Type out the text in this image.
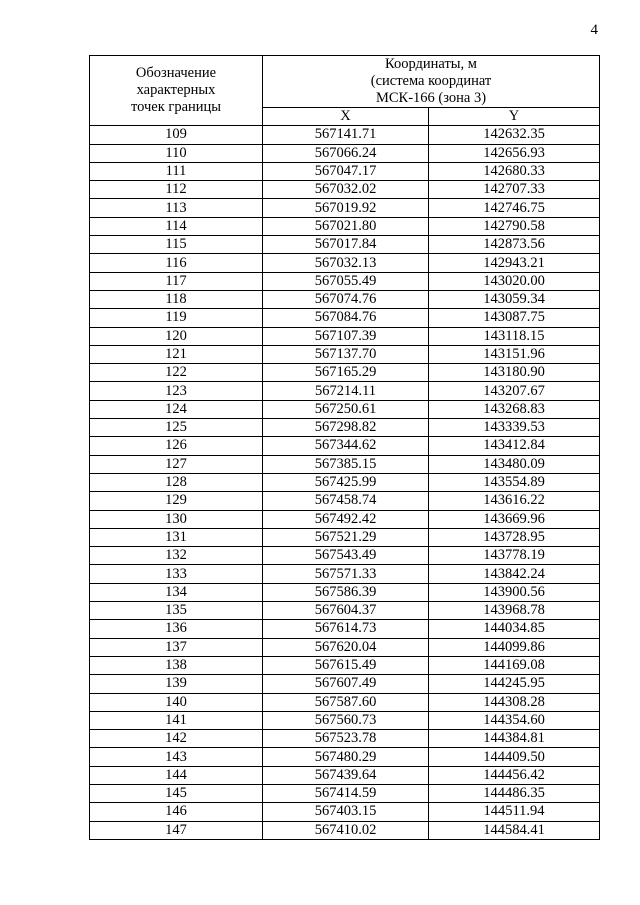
4
Обозначение
характерных
точек границы	Координаты, м
(система координат
МСК-166 (зона 3)	

	X	Y
109	567141.71	142632.35
110	567066.24	142656.93
111	567047.17	142680.33
112	567032.02	142707.33
113	567019.92	142746.75
114	567021.80	142790.58
115	567017.84	142873.56
116	567032.13	142943.21
117	567055.49	143020.00
118	567074.76	143059.34
119	567084.76	143087.75
120	567107.39	143118.15
121	567137.70	143151.96
122	567165.29	143180.90
123	567214.11	143207.67
124	567250.61	143268.83
125	567298.82	143339.53
126	567344.62	143412.84
127	567385.15	143480.09
128	567425.99	143554.89
129	567458.74	143616.22
130	567492.42	143669.96
131	567521.29	143728.95
132	567543.49	143778.19
133	567571.33	143842.24
134	567586.39	143900.56
135	567604.37	143968.78
136	567614.73	144034.85
137	567620.04	144099.86
138	567615.49	144169.08
139	567607.49	144245.95
140	567587.60	144308.28
141	567560.73	144354.60
142	567523.78	144384.81
143	567480.29	144409.50
144	567439.64	144456.42
145	567414.59	144486.35
146	567403.15	144511.94
147	567410.02	144584.41
